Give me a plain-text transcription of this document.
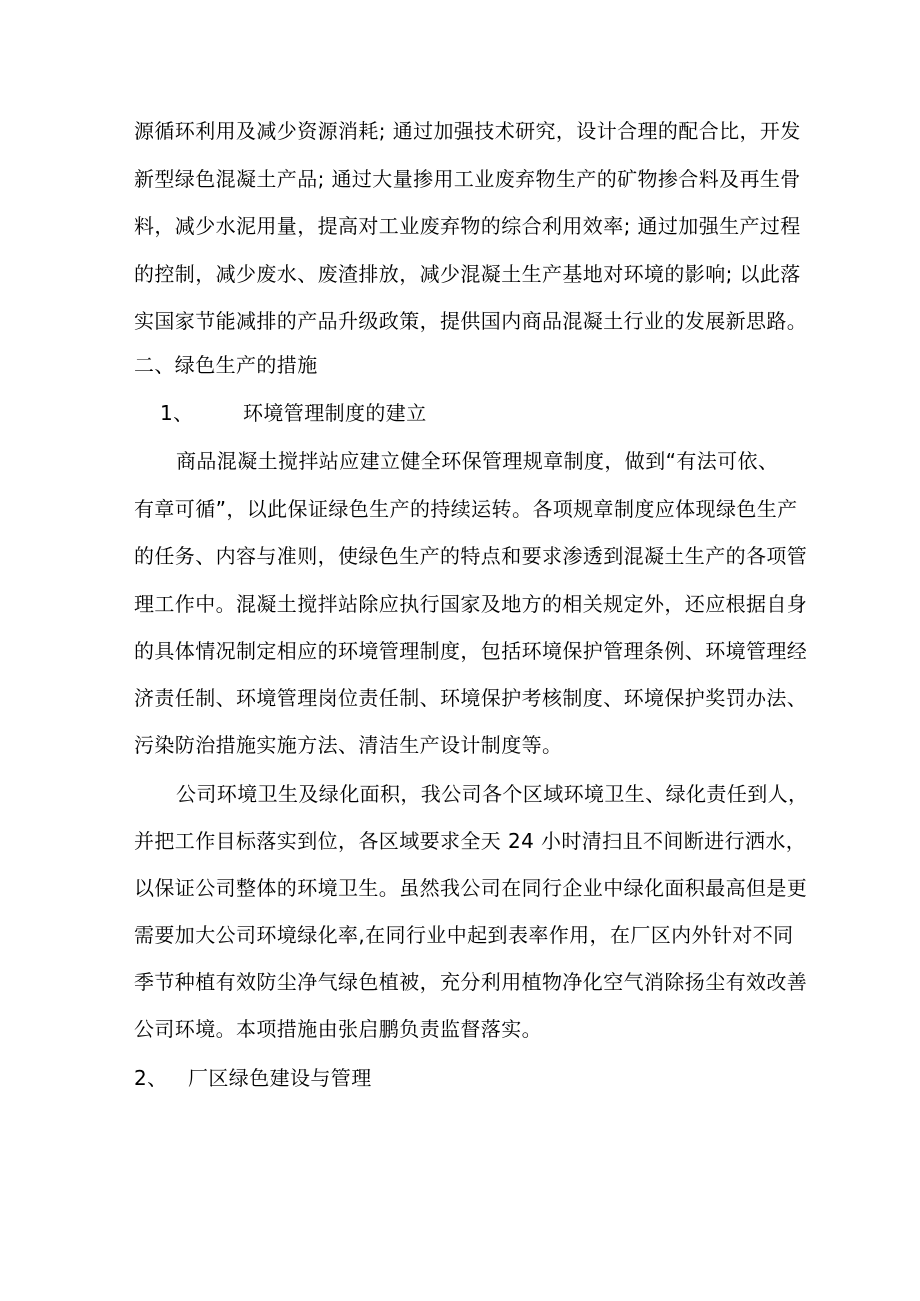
源循环利用及减少资源消耗; 通过加强技术研究，设计合理的配合比，开发

新型绿色混凝土产品; 通过大量掺用工业废弃物生产的矿物掺合料及再生骨

料，减少水泥用量，提高对工业废弃物的综合利用效率; 通过加强生产过程

的控制，减少废水、废渣排放，减少混凝土生产基地对环境的影响; 以此落

实国家节能减排的产品升级政策，提供国内商品混凝土行业的发展新思路。

二、绿色生产的措施

1、 环境管理制度的建立

商品混凝土搅拌站应建立健全环保管理规章制度，做到“有法可依、

有章可循”，以此保证绿色生产的持续运转。各项规章制度应体现绿色生产

的任务、内容与准则，使绿色生产的特点和要求渗透到混凝土生产的各项管

理工作中。混凝土搅拌站除应执行国家及地方的相关规定外，还应根据自身

的具体情况制定相应的环境管理制度，包括环境保护管理条例、环境管理经

济责任制、环境管理岗位责任制、环境保护考核制度、环境保护奖罚办法、

污染防治措施实施方法、清洁生产设计制度等。

公司环境卫生及绿化面积，我公司各个区域环境卫生、绿化责任到人，

并把工作目标落实到位，各区域要求全天 24 小时清扫且不间断进行洒水，

以保证公司整体的环境卫生。虽然我公司在同行企业中绿化面积最高但是更

需要加大公司环境绿化率,在同行业中起到表率作用，在厂区内外针对不同

季节种植有效防尘净气绿色植被，充分利用植物净化空气消除扬尘有效改善

公司环境。本项措施由张启鹏负责监督落实。

2、 厂区绿色建设与管理
